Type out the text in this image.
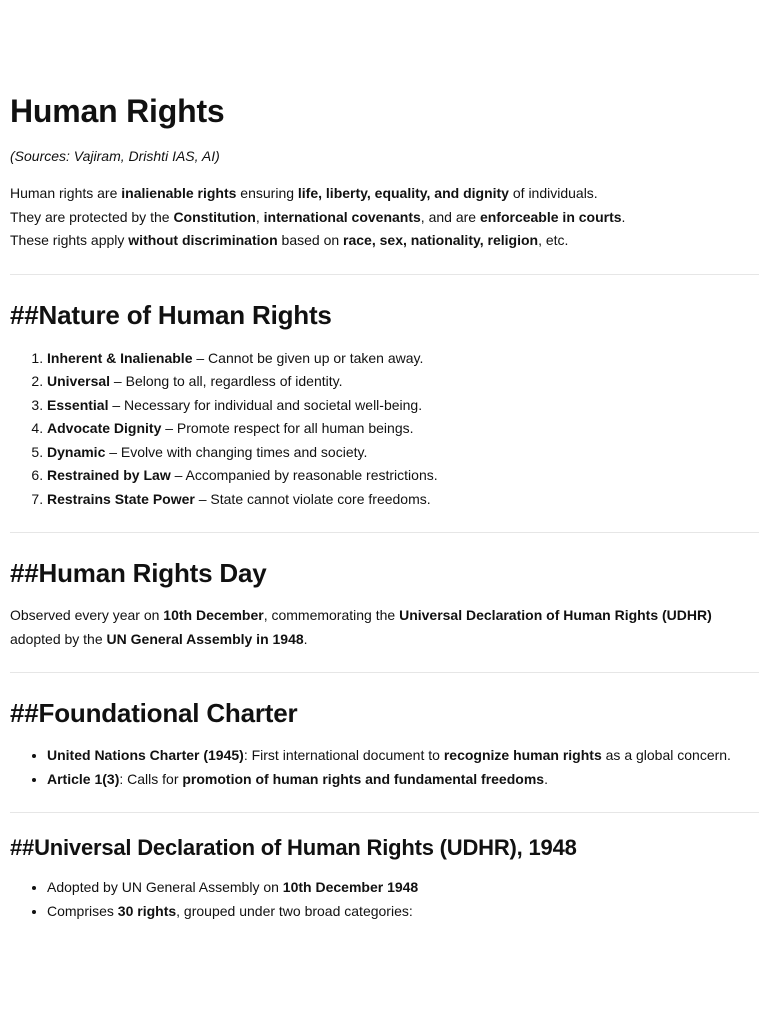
Human Rights

(Sources: Vajiram, Drishti IAS, AI)

Human rights are inalienable rights ensuring life, liberty, equality, and dignity of individuals.

They are protected by the Constitution, international covenants, and are enforceable in courts.

These rights apply without discrimination based on race, sex, nationality, religion, etc.

##Nature of Human Rights
1. Inherent & Inalienable – Cannot be given up or taken away.
2. Universal – Belong to all, regardless of identity.
3. Essential – Necessary for individual and societal well-being.
4. Advocate Dignity – Promote respect for all human beings.
5. Dynamic – Evolve with changing times and society.
6. Restrained by Law – Accompanied by reasonable restrictions.
7. Restrains State Power – State cannot violate core freedoms.
##Human Rights Day

Observed every year on 10th December, commemorating the Universal Declaration of Human Rights (UDHR) adopted by the UN General Assembly in 1948.

##Foundational Charter
• United Nations Charter (1945): First international document to recognize human rights as a global concern.
• Article 1(3): Calls for promotion of human rights and fundamental freedoms.
##Universal Declaration of Human Rights (UDHR), 1948
• Adopted by UN General Assembly on 10th December 1948
• Comprises 30 rights, grouped under two broad categories:
